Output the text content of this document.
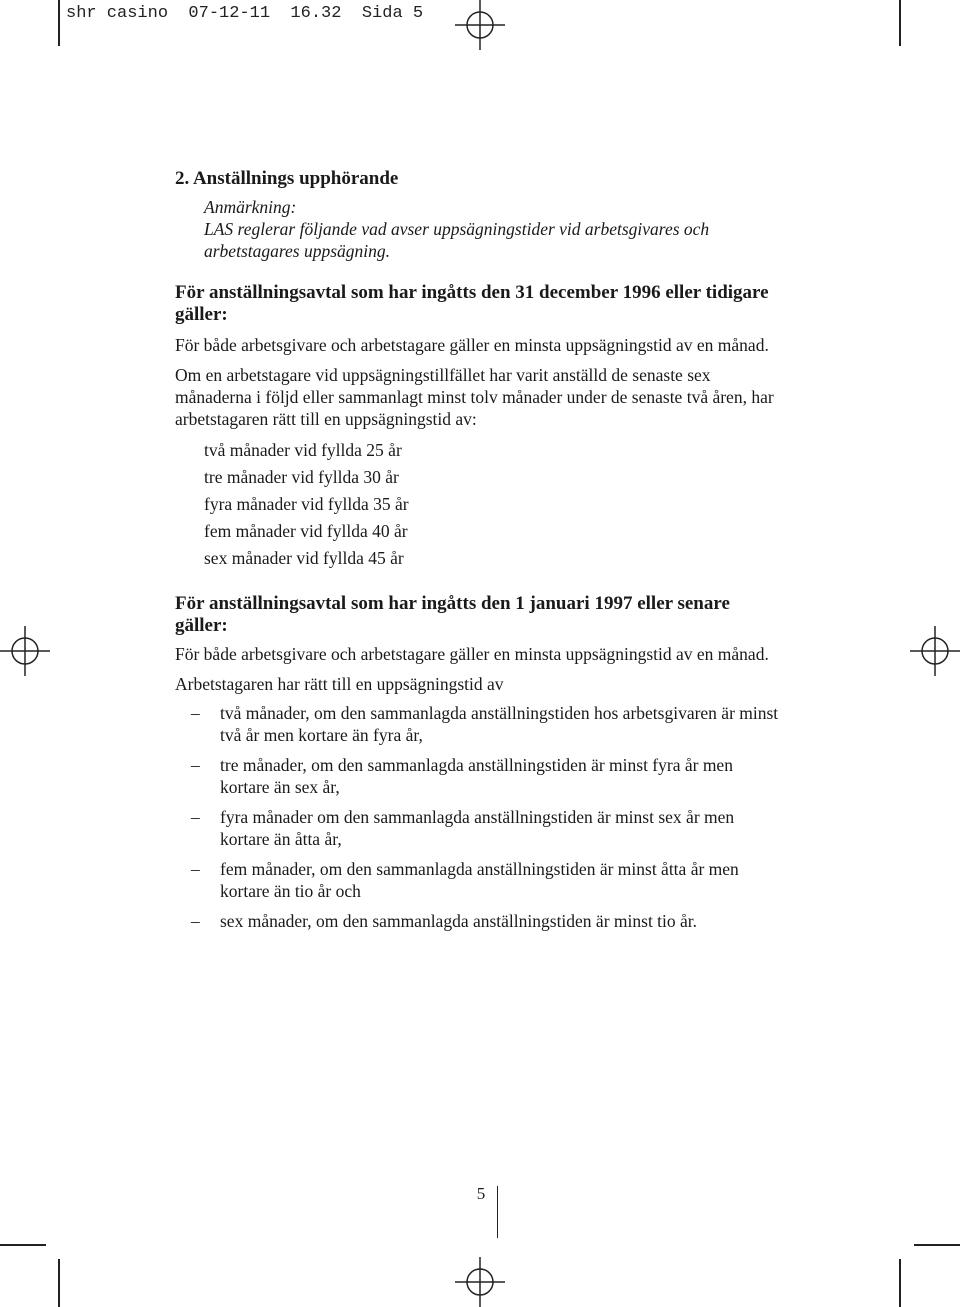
shr casino  07-12-11  16.32  Sida 5
2. Anställnings upphörande
Anmärkning:
LAS reglerar följande vad avser uppsägningstider vid arbetsgivares och arbetstagares uppsägning.
För anställningsavtal som har ingåtts den 31 december 1996 eller tidigare gäller:

För både arbetsgivare och arbetstagare gäller en minsta uppsägningstid av en månad.

Om en arbetstagare vid uppsägningstillfället har varit anställd de senaste sex månaderna i följd eller sammanlagt minst tolv månader under de senaste två åren, har arbetstagaren rätt till en uppsägningstid av:

två månader vid fyllda 25 år
tre månader vid fyllda 30 år
fyra månader vid fyllda 35 år
fem månader vid fyllda 40 år
sex månader vid fyllda 45 år
För anställningsavtal som har ingåtts den 1 januari 1997 eller senare gäller:

För både arbetsgivare och arbetstagare gäller en minsta uppsägningstid av en månad.

Arbetstagaren har rätt till en uppsägningstid av

– två månader, om den sammanlagda anställningstiden hos arbetsgivaren är minst två år men kortare än fyra år,
– tre månader, om den sammanlagda anställningstiden är minst fyra år men kortare än sex år,
– fyra månader om den sammanlagda anställningstiden är minst sex år men kortare än åtta år,
– fem månader, om den sammanlagda anställningstiden är minst åtta år men kortare än tio år och
– sex månader, om den sammanlagda anställningstiden är minst tio år.
5
